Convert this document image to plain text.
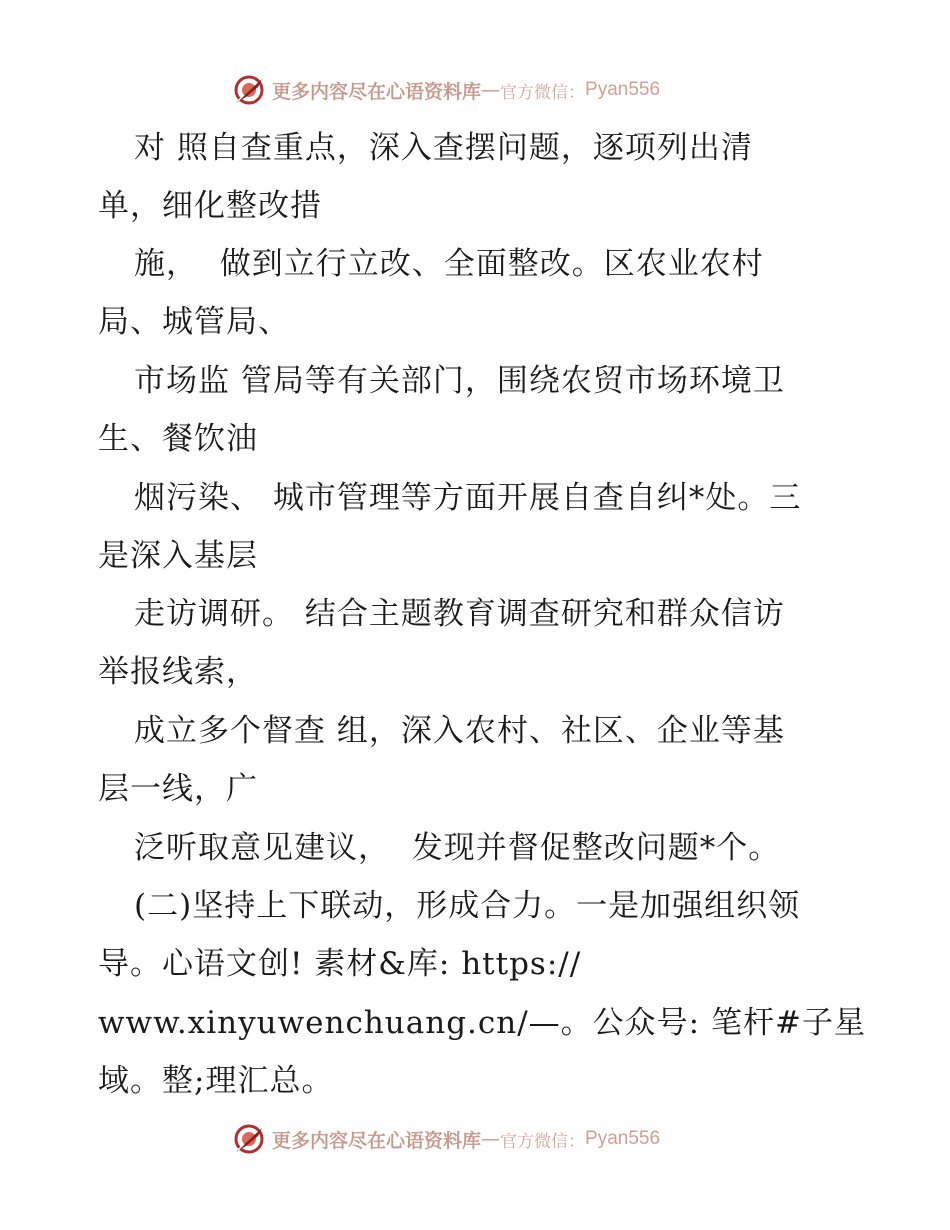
更多内容尽在心语资料库 — 官方微信： Pyan556
对 照自查重点，深入查摆问题，逐项列出清
单，细化整改措
施，  做到立行立改、全面整改。区农业农村
局、城管局、
市场监 管局等有关部门，围绕农贸市场环境卫
生、餐饮油
烟污染、 城市管理等方面开展自查自纠*处。三
是深入基层
走访调研。 结合主题教育调查研究和群众信访
举报线索，
成立多个督查 组，深入农村、社区、企业等基
层一线，广
泛听取意见建议，  发现并督促整改问题*个。
(二)坚持上下联动，形成合力。一是加强组织领
导。心语文创! 素材&库: https://
www.xinyuwenchuang.cn/—。公众号: 笔杆#子星
域。整;理汇总。
更多内容尽在心语资料库 — 官方微信： Pyan556
